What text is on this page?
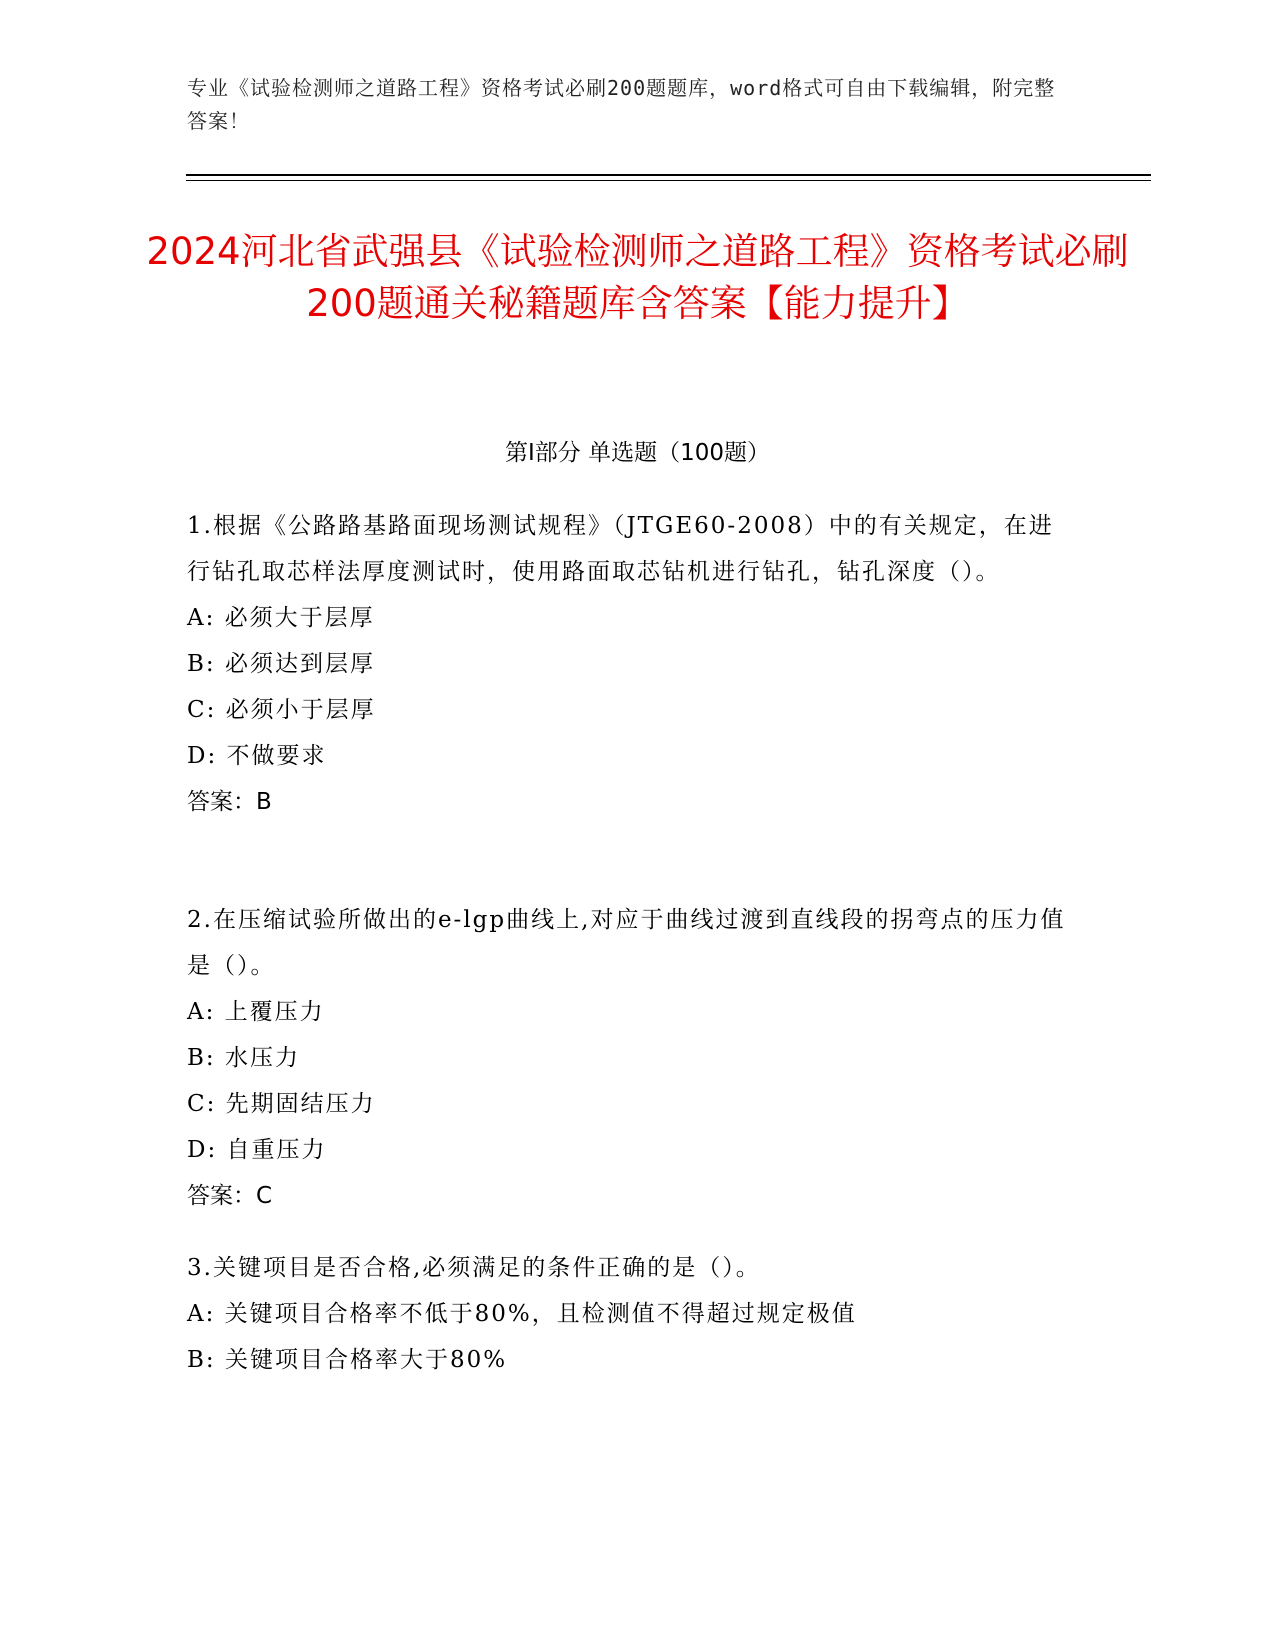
专业《试验检测师之道路工程》资格考试必刷200题题库，word格式可自由下载编辑，附完整答案！
2024河北省武强县《试验检测师之道路工程》资格考试必刷200题通关秘籍题库含答案【能力提升】
第I部分 单选题（100题）

1.根据《公路路基路面现场测试规程》（JTGE60-2008）中的有关规定，在进行钻孔取芯样法厚度测试时，使用路面取芯钻机进行钻孔，钻孔深度（）。

A: 必须大于层厚

B: 必须达到层厚

C: 必须小于层厚

D: 不做要求

答案：B

2.在压缩试验所做出的e-lgp曲线上,对应于曲线过渡到直线段的拐弯点的压力值是（）。

A: 上覆压力

B: 水压力

C: 先期固结压力

D: 自重压力

答案：C

3.关键项目是否合格,必须满足的条件正确的是（）。

A: 关键项目合格率不低于80%，且检测值不得超过规定极值

B: 关键项目合格率大于80%
